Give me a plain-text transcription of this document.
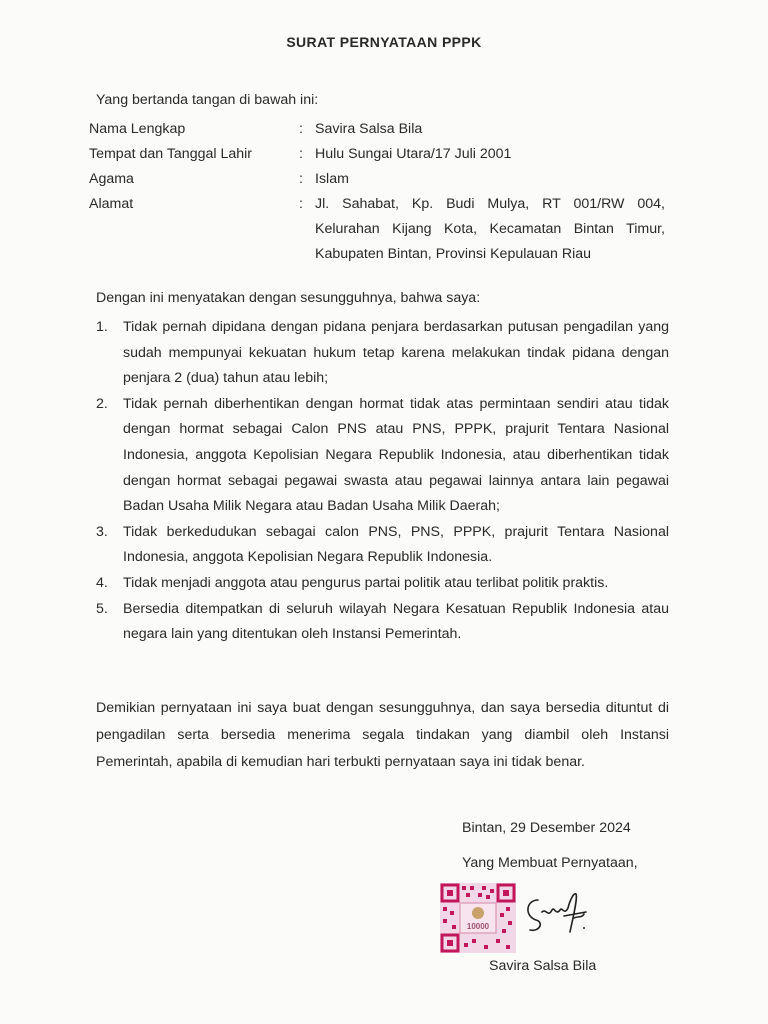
SURAT PERNYATAAN PPPK
Yang bertanda tangan di bawah ini:
Nama Lengkap	: Savira Salsa Bila
Tempat dan Tanggal Lahir	: Hulu Sungai Utara/17 Juli 2001
Agama	: Islam
Alamat	: Jl. Sahabat, Kp. Budi Mulya, RT 001/RW 004, Kelurahan Kijang Kota, Kecamatan Bintan Timur, Kabupaten Bintan, Provinsi Kepulauan Riau
Dengan ini menyatakan dengan sesungguhnya, bahwa saya:
1.	Tidak pernah dipidana dengan pidana penjara berdasarkan putusan pengadilan yang sudah mempunyai kekuatan hukum tetap karena melakukan tindak pidana dengan penjara 2 (dua) tahun atau lebih;
2.	Tidak pernah diberhentikan dengan hormat tidak atas permintaan sendiri atau tidak dengan hormat sebagai Calon PNS atau PNS, PPPK, prajurit Tentara Nasional Indonesia, anggota Kepolisian Negara Republik Indonesia, atau diberhentikan tidak dengan hormat sebagai pegawai swasta atau pegawai lainnya antara lain pegawai Badan Usaha Milik Negara atau Badan Usaha Milik Daerah;
3.	Tidak berkedudukan sebagai calon PNS, PNS, PPPK, prajurit Tentara Nasional Indonesia, anggota Kepolisian Negara Republik Indonesia.
4.	Tidak menjadi anggota atau pengurus partai politik atau terlibat politik praktis.
5.	Bersedia ditempatkan di seluruh wilayah Negara Kesatuan Republik Indonesia atau negara lain yang ditentukan oleh Instansi Pemerintah.
Demikian pernyataan ini saya buat dengan sesungguhnya, dan saya bersedia dituntut di pengadilan serta bersedia menerima segala tindakan yang diambil oleh Instansi Pemerintah, apabila di kemudian hari terbukti pernyataan saya ini tidak benar.
Bintan, 29 Desember 2024
Yang Membuat Pernyataan,
10000
Savira Salsa Bila
